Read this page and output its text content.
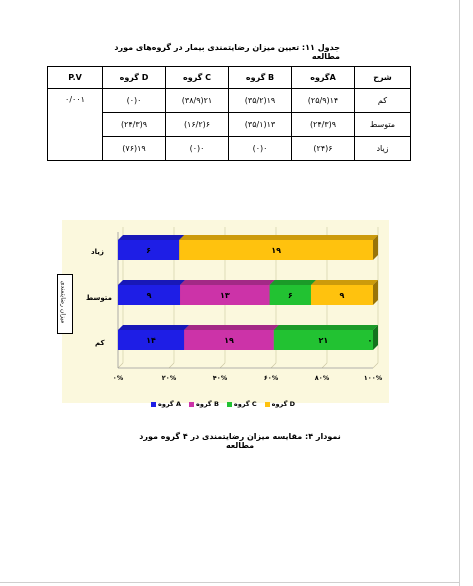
جدول ۱۱: تعیین میزان رضایتمندی بیمار در گروه‌های مورد مطالعه
P.V	گروه D	گروه C	گروه B	گروهA	شرح
۰/۰۰۱	(۰)۰	(۳۸/۹)۲۱	(۳۵/۲)۱۹	(۲۵/۹)۱۴	کم
	(۲۴/۳)۹	(۱۶/۲)۶	(۳۵/۱)۱۳	(۲۴/۳)۹	متوسط
	(۷۶)۱۹	(۰)۰	(۰)۰	(۲۴)۶	زیاد
میزان رضایتمندی
زیاد
متوسط
کم
۶	۱۹
۹	۱۳	۶	۹
۱۴	۱۹	۲۱	۰
۰%	۲۰%	۴۰%	۶۰%	۸۰%	۱۰۰%
گروه A	گروه B	گروه C	گروه D
نمودار ۴: مقایسه میزان رضایتمندی در ۴ گروه مورد مطالعه
